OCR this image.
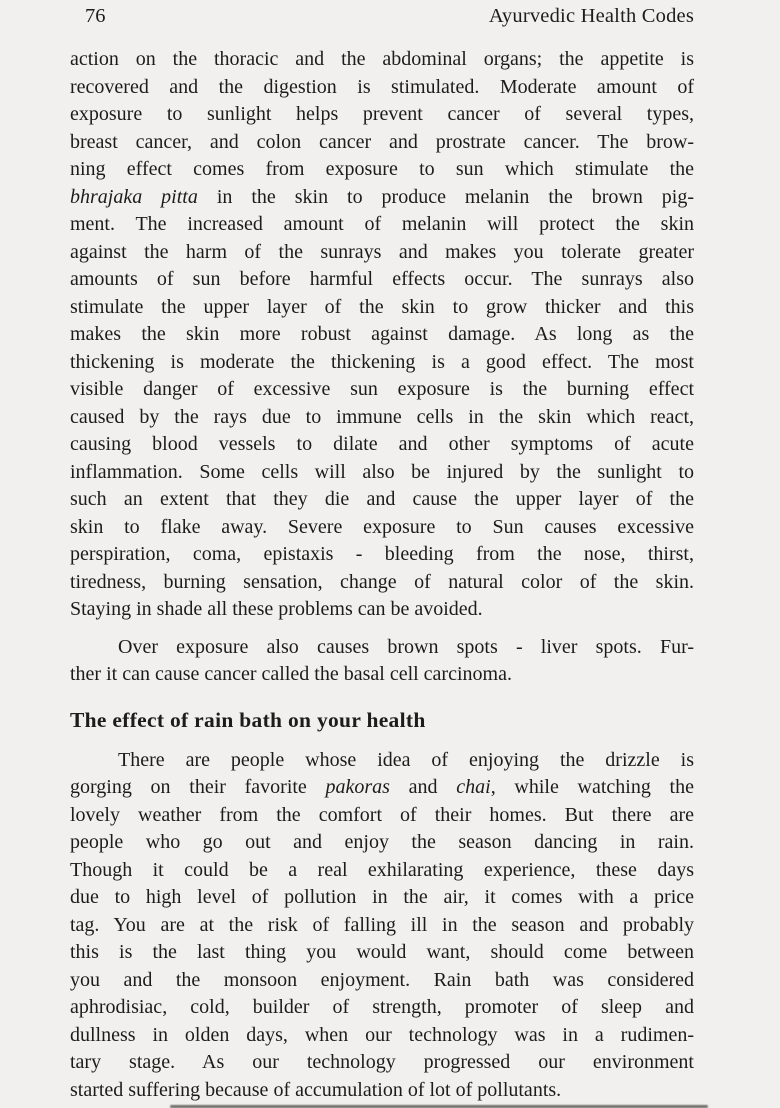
76	Ayurvedic Health Codes
action on the thoracic and the abdominal organs; the appetite is
recovered and the digestion is stimulated. Moderate amount of
exposure to sunlight helps prevent cancer of several types,
breast cancer, and colon cancer and prostrate cancer. The brow-
ning effect comes from exposure to sun which stimulate the
bhrajaka pitta in the skin to produce melanin the brown pig-
ment. The increased amount of melanin will protect the skin
against the harm of the sunrays and makes you tolerate greater
amounts of sun before harmful effects occur. The sunrays also
stimulate the upper layer of the skin to grow thicker and this
makes the skin more robust against damage. As long as the
thickening is moderate the thickening is a good effect. The most
visible danger of excessive sun exposure is the burning effect
caused by the rays due to immune cells in the skin which react,
causing blood vessels to dilate and other symptoms of acute
inflammation. Some cells will also be injured by the sunlight to
such an extent that they die and cause the upper layer of the
skin to flake away. Severe exposure to Sun causes excessive
perspiration, coma, epistaxis - bleeding from the nose, thirst,
tiredness, burning sensation, change of natural color of the skin.
Staying in shade all these problems can be avoided.
Over exposure also causes brown spots - liver spots. Fur-
ther it can cause cancer called the basal cell carcinoma.
The effect of rain bath on your health
There are people whose idea of enjoying the drizzle is
gorging on their favorite pakoras and chai, while watching the
lovely weather from the comfort of their homes. But there are
people who go out and enjoy the season dancing in rain.
Though it could be a real exhilarating experience, these days
due to high level of pollution in the air, it comes with a price
tag. You are at the risk of falling ill in the season and probably
this is the last thing you would want, should come between
you and the monsoon enjoyment. Rain bath was considered
aphrodisiac, cold, builder of strength, promoter of sleep and
dullness in olden days, when our technology was in a rudimen-
tary stage. As our technology progressed our environment
started suffering because of accumulation of lot of pollutants.
